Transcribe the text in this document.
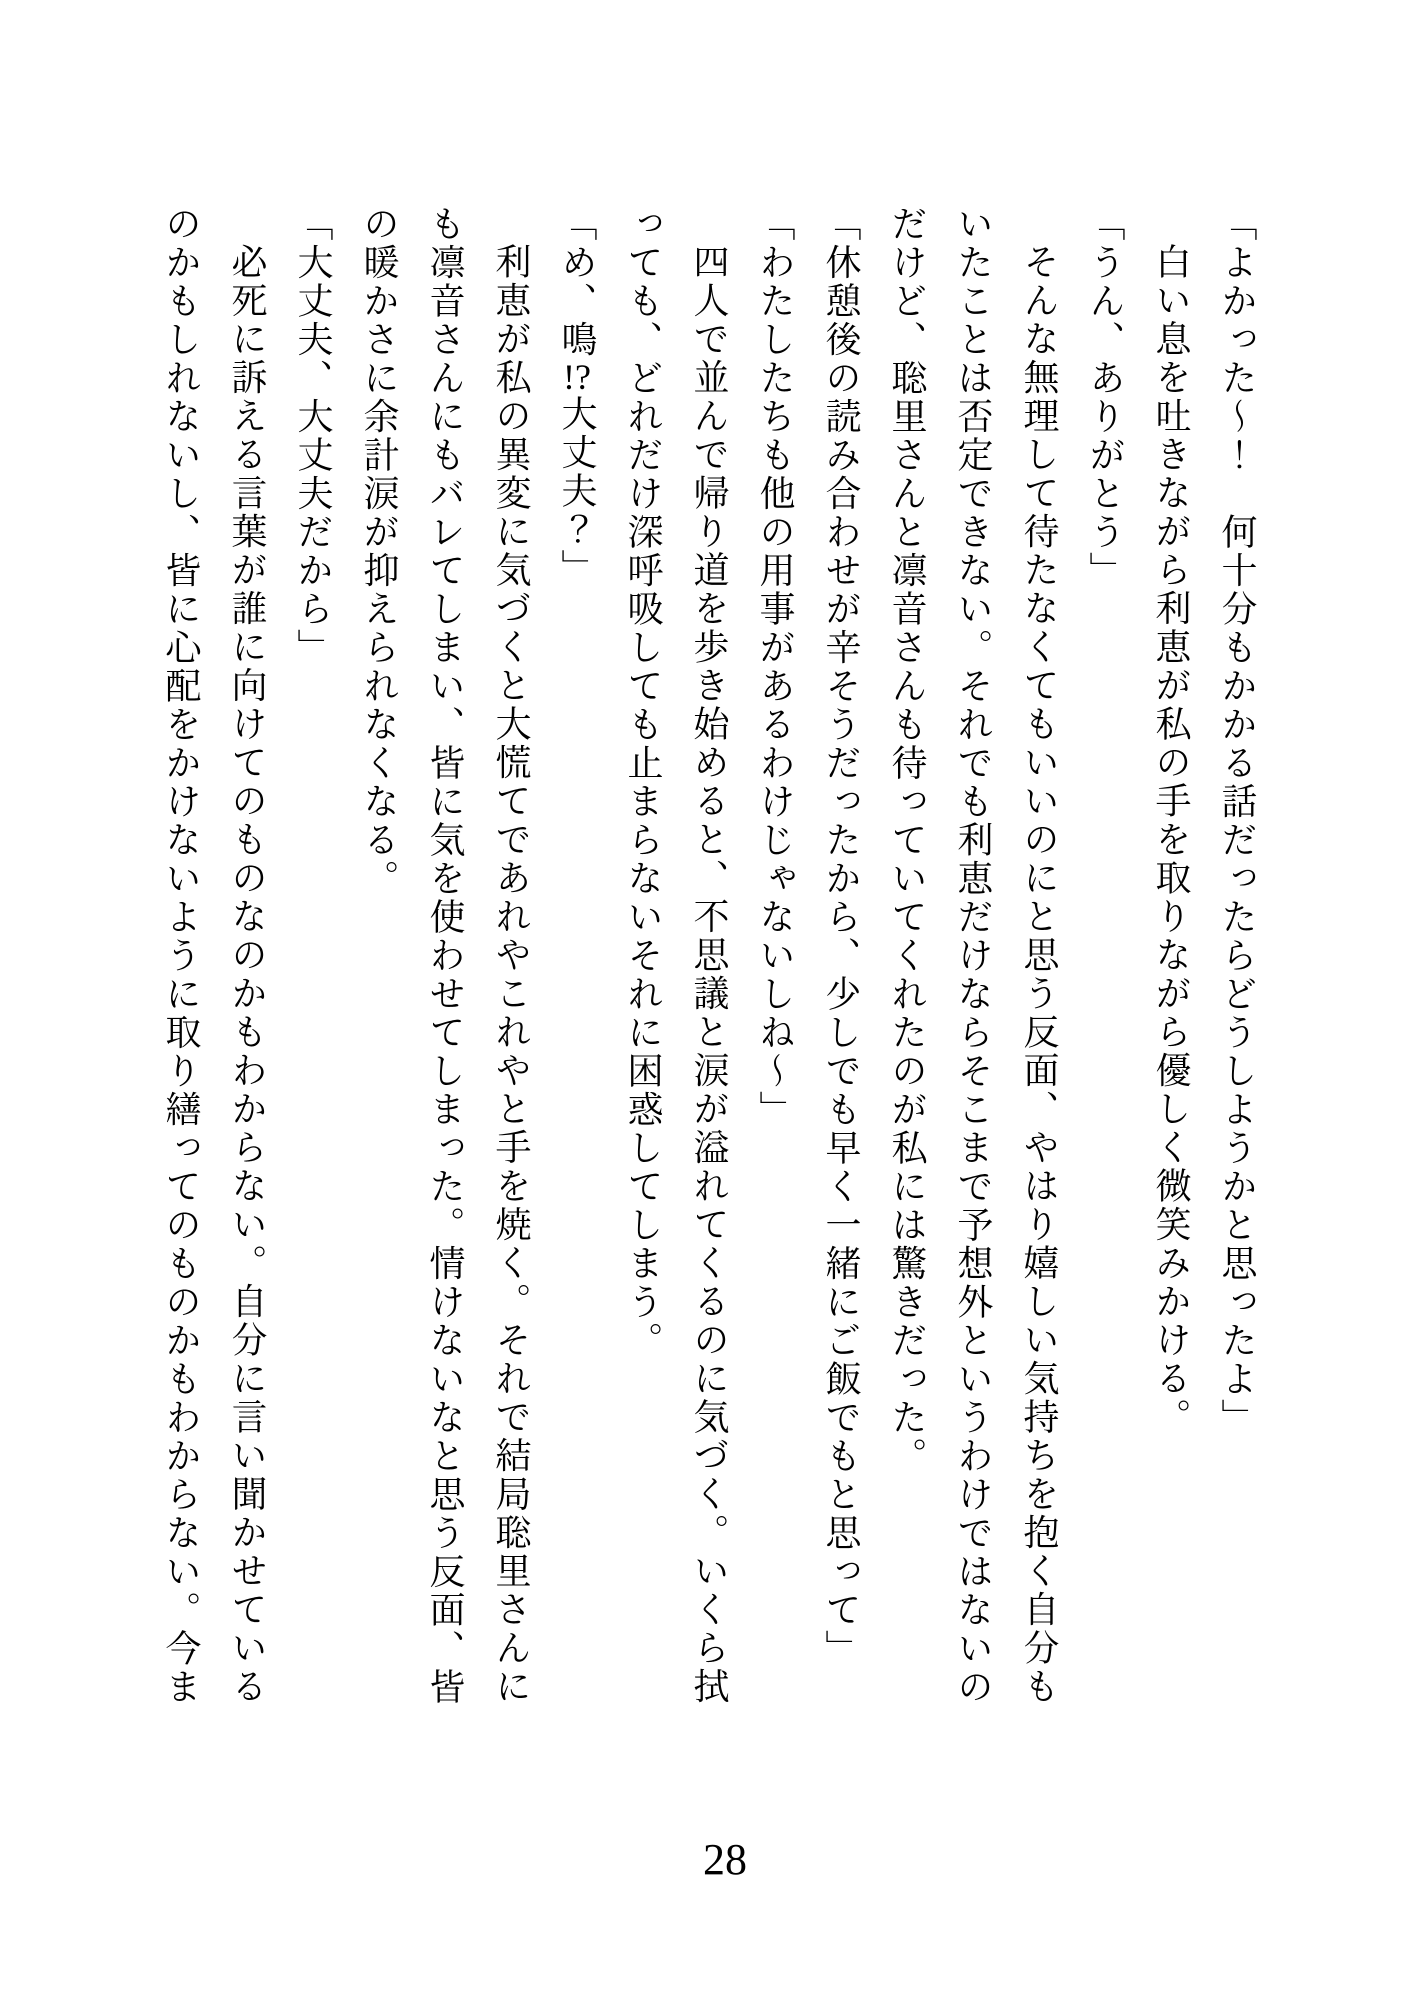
「よかった〜！　何十分もかかる話だったらどうしようかと思ったよ」

白い息を吐きながら利恵が私の手を取りながら優しく微笑みかける。

「うん、ありがとう」

そんな無理して待たなくてもいいのにと思う反面、やはり嬉しい気持ちを抱く自分も

いたことは否定できない。それでも利恵だけならそこまで予想外というわけではないの

だけど、聡里さんと凛音さんも待っていてくれたのが私には驚きだった。

「休憩後の読み合わせが辛そうだったから、少しでも早く一緒にご飯でもと思って」

「わたしたちも他の用事があるわけじゃないしね〜」

四人で並んで帰り道を歩き始めると、不思議と涙が溢れてくるのに気づく。いくら拭

っても、どれだけ深呼吸しても止まらないそれに困惑してしまう。

「め、鳴!?大丈夫？」

利恵が私の異変に気づくと大慌てであれやこれやと手を焼く。それで結局聡里さんに

も凛音さんにもバレてしまい、皆に気を使わせてしまった。情けないなと思う反面、皆

の暖かさに余計涙が抑えられなくなる。

「大丈夫、大丈夫だから」

必死に訴える言葉が誰に向けてのものなのかもわからない。自分に言い聞かせている

のかもしれないし、皆に心配をかけないように取り繕ってのものかもわからない。今ま

28
